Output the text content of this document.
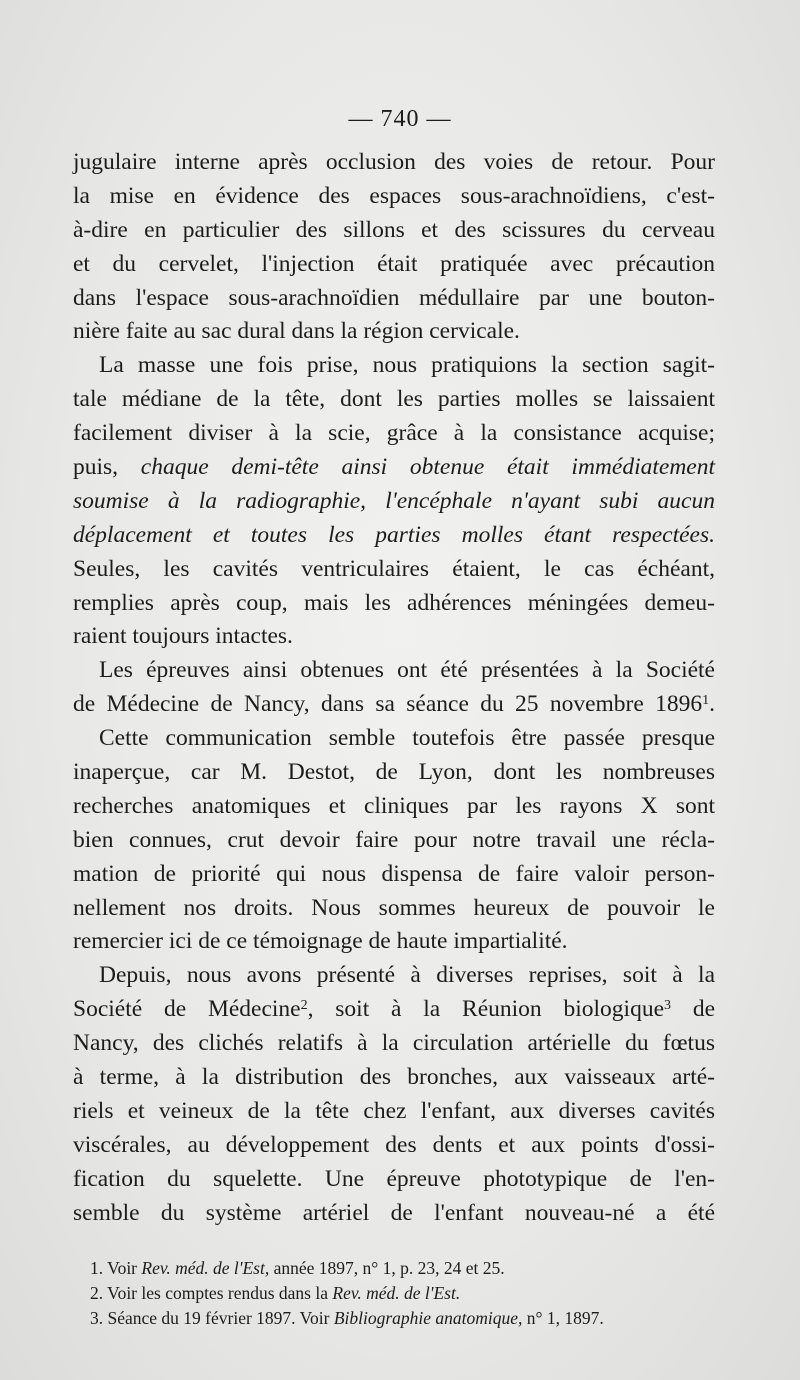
— 740 —
jugulaire interne après occlusion des voies de retour. Pour
la mise en évidence des espaces sous-arachnoïdiens, c'est-
à-dire en particulier des sillons et des scissures du cerveau
et du cervelet, l'injection était pratiquée avec précaution
dans l'espace sous-arachnoïdien médullaire par une bouton-
nière faite au sac dural dans la région cervicale.
La masse une fois prise, nous pratiquions la section sagit-
tale médiane de la tête, dont les parties molles se laissaient
facilement diviser à la scie, grâce à la consistance acquise;
puis, chaque demi-tête ainsi obtenue était immédiatement
soumise à la radiographie, l'encéphale n'ayant subi aucun
déplacement et toutes les parties molles étant respectées.
Seules, les cavités ventriculaires étaient, le cas échéant,
remplies après coup, mais les adhérences méningées demeu-
raient toujours intactes.
Les épreuves ainsi obtenues ont été présentées à la Société
de Médecine de Nancy, dans sa séance du 25 novembre 1896$^1$.
Cette communication semble toutefois être passée presque
inaperçue, car M. Destot, de Lyon, dont les nombreuses
recherches anatomiques et cliniques par les rayons X sont
bien connues, crut devoir faire pour notre travail une récla-
mation de priorité qui nous dispensa de faire valoir person-
nellement nos droits. Nous sommes heureux de pouvoir le
remercier ici de ce témoignage de haute impartialité.
Depuis, nous avons présenté à diverses reprises, soit à la
Société de Médecine$^2$, soit à la Réunion biologique$^3$ de
Nancy, des clichés relatifs à la circulation artérielle du fœtus
à terme, à la distribution des bronches, aux vaisseaux arté-
riels et veineux de la tête chez l'enfant, aux diverses cavités
viscérales, au développement des dents et aux points d'ossi-
fication du squelette. Une épreuve phototypique de l'en-
semble du système artériel de l'enfant nouveau-né a été
1. Voir Rev. méd. de l'Est, année 1897, n° 1, p. 23, 24 et 25.
2. Voir les comptes rendus dans la Rev. méd. de l'Est.
3. Séance du 19 février 1897. Voir Bibliographie anatomique, n° 1, 1897.
